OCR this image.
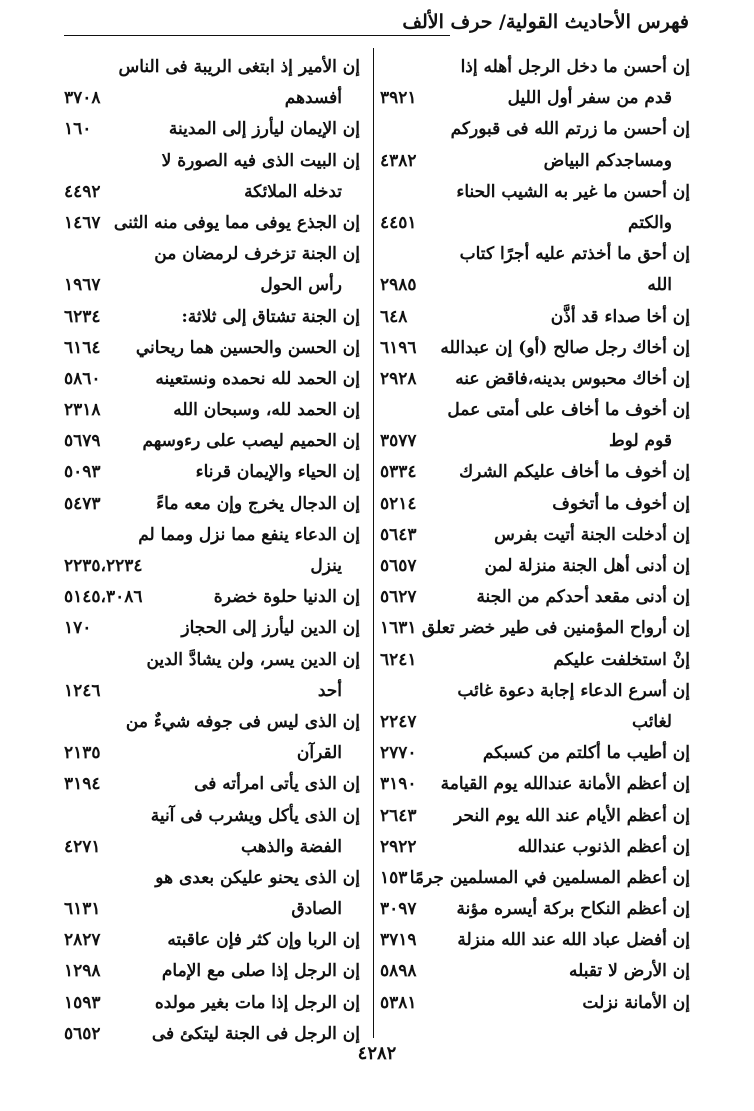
فهرس الأحاديث القولية/ حرف الألف
إن أحسن ما دخل الرجل أهله إذا
قدم من سفر أول الليل
٣٩٢١
إن أحسن ما زرتم الله فى قبوركم
ومساجدكم البياض
٤٣٨٢
إن أحسن ما غير به الشيب الحناء
والكتم
٤٤٥١
إن أحق ما أخذتم عليه أجرًا كتاب
الله
٢٩٨٥
إن أخا صداء قد أذَّن
٦٤٨
إن أخاك رجل صالح (أو) إن عبدالله
٦١٩٦
إن أخاك محبوس بدينه،فاقض عنه
٢٩٢٨
إن أخوف ما أخاف على أمتى عمل
قوم لوط
٣٥٧٧
إن أخوف ما أخاف عليكم الشرك
٥٣٣٤
إن أخوف ما أتخوف
٥٢١٤
إن أدخلت الجنة أتيت بفرس
٥٦٤٣
إن أدنى أهل الجنة منزلة لمن
٥٦٥٧
إن أدنى مقعد أحدكم من الجنة
٥٦٢٧
إن أرواح المؤمنين فى طير خضر تعلق
١٦٣١
إنْ استخلفت عليكم
٦٢٤١
إن أسرع الدعاء إجابة دعوة غائب
لغائب
٢٢٤٧
إن أطيب ما أكلتم من كسبكم
٢٧٧٠
إن أعظم الأمانة عندالله يوم القيامة
٣١٩٠
إن أعظم الأيام عند الله يوم النحر
٢٦٤٣
إن أعظم الذنوب عندالله
٢٩٢٢
إن أعظم المسلمين في المسلمين جرمًا
١٥٣
إن أعظم النكاح بركة أيسره مؤنة
٣٠٩٧
إن أفضل عباد الله عند الله منزلة
٣٧١٩
إن الأرض لا تقبله
٥٨٩٨
إن الأمانة نزلت
٥٣٨١
إن الأمير إذ ابتغى الريبة فى الناس
أفسدهم
٣٧٠٨
إن الإيمان ليأرز إلى المدينة
١٦٠
إن البيت الذى فيه الصورة لا
تدخله الملائكة
٤٤٩٢
إن الجذع يوفى مما يوفى منه الثنى
١٤٦٧
إن الجنة تزخرف لرمضان من
رأس الحول
١٩٦٧
إن الجنة تشتاق إلى ثلاثة:
٦٢٣٤
إن الحسن والحسين هما ريحاني
٦١٦٤
إن الحمد لله نحمده ونستعينه
٥٨٦٠
إن الحمد لله، وسبحان الله
٢٣١٨
إن الحميم ليصب على رءوسهم
٥٦٧٩
إن الحياء والإيمان قرناء
٥٠٩٣
إن الدجال يخرج وإن معه ماءً
٥٤٧٣
إن الدعاء ينفع مما نزل ومما لم
ينزل
٢٢٣٥،٢٢٣٤
إن الدنيا حلوة خضرة
٥١٤٥،٣٠٨٦
إن الدين ليأرز إلى الحجاز
١٧٠
إن الدين يسر، ولن يشادَّ الدين
أحد
١٢٤٦
إن الذى ليس فى جوفه شيءٌ من
القرآن
٢١٣٥
إن الذى يأتى امرأته فى
٣١٩٤
إن الذى يأكل ويشرب فى آنية
الفضة والذهب
٤٢٧١
إن الذى يحنو عليكن بعدى هو
الصادق
٦١٣١
إن الربا وإن كثر فإن عاقبته
٢٨٢٧
إن الرجل إذا صلى مع الإمام
١٢٩٨
إن الرجل إذا مات بغير مولده
١٥٩٣
إن الرجل فى الجنة ليتكئ فى
٥٦٥٢
٤٢٨٢
